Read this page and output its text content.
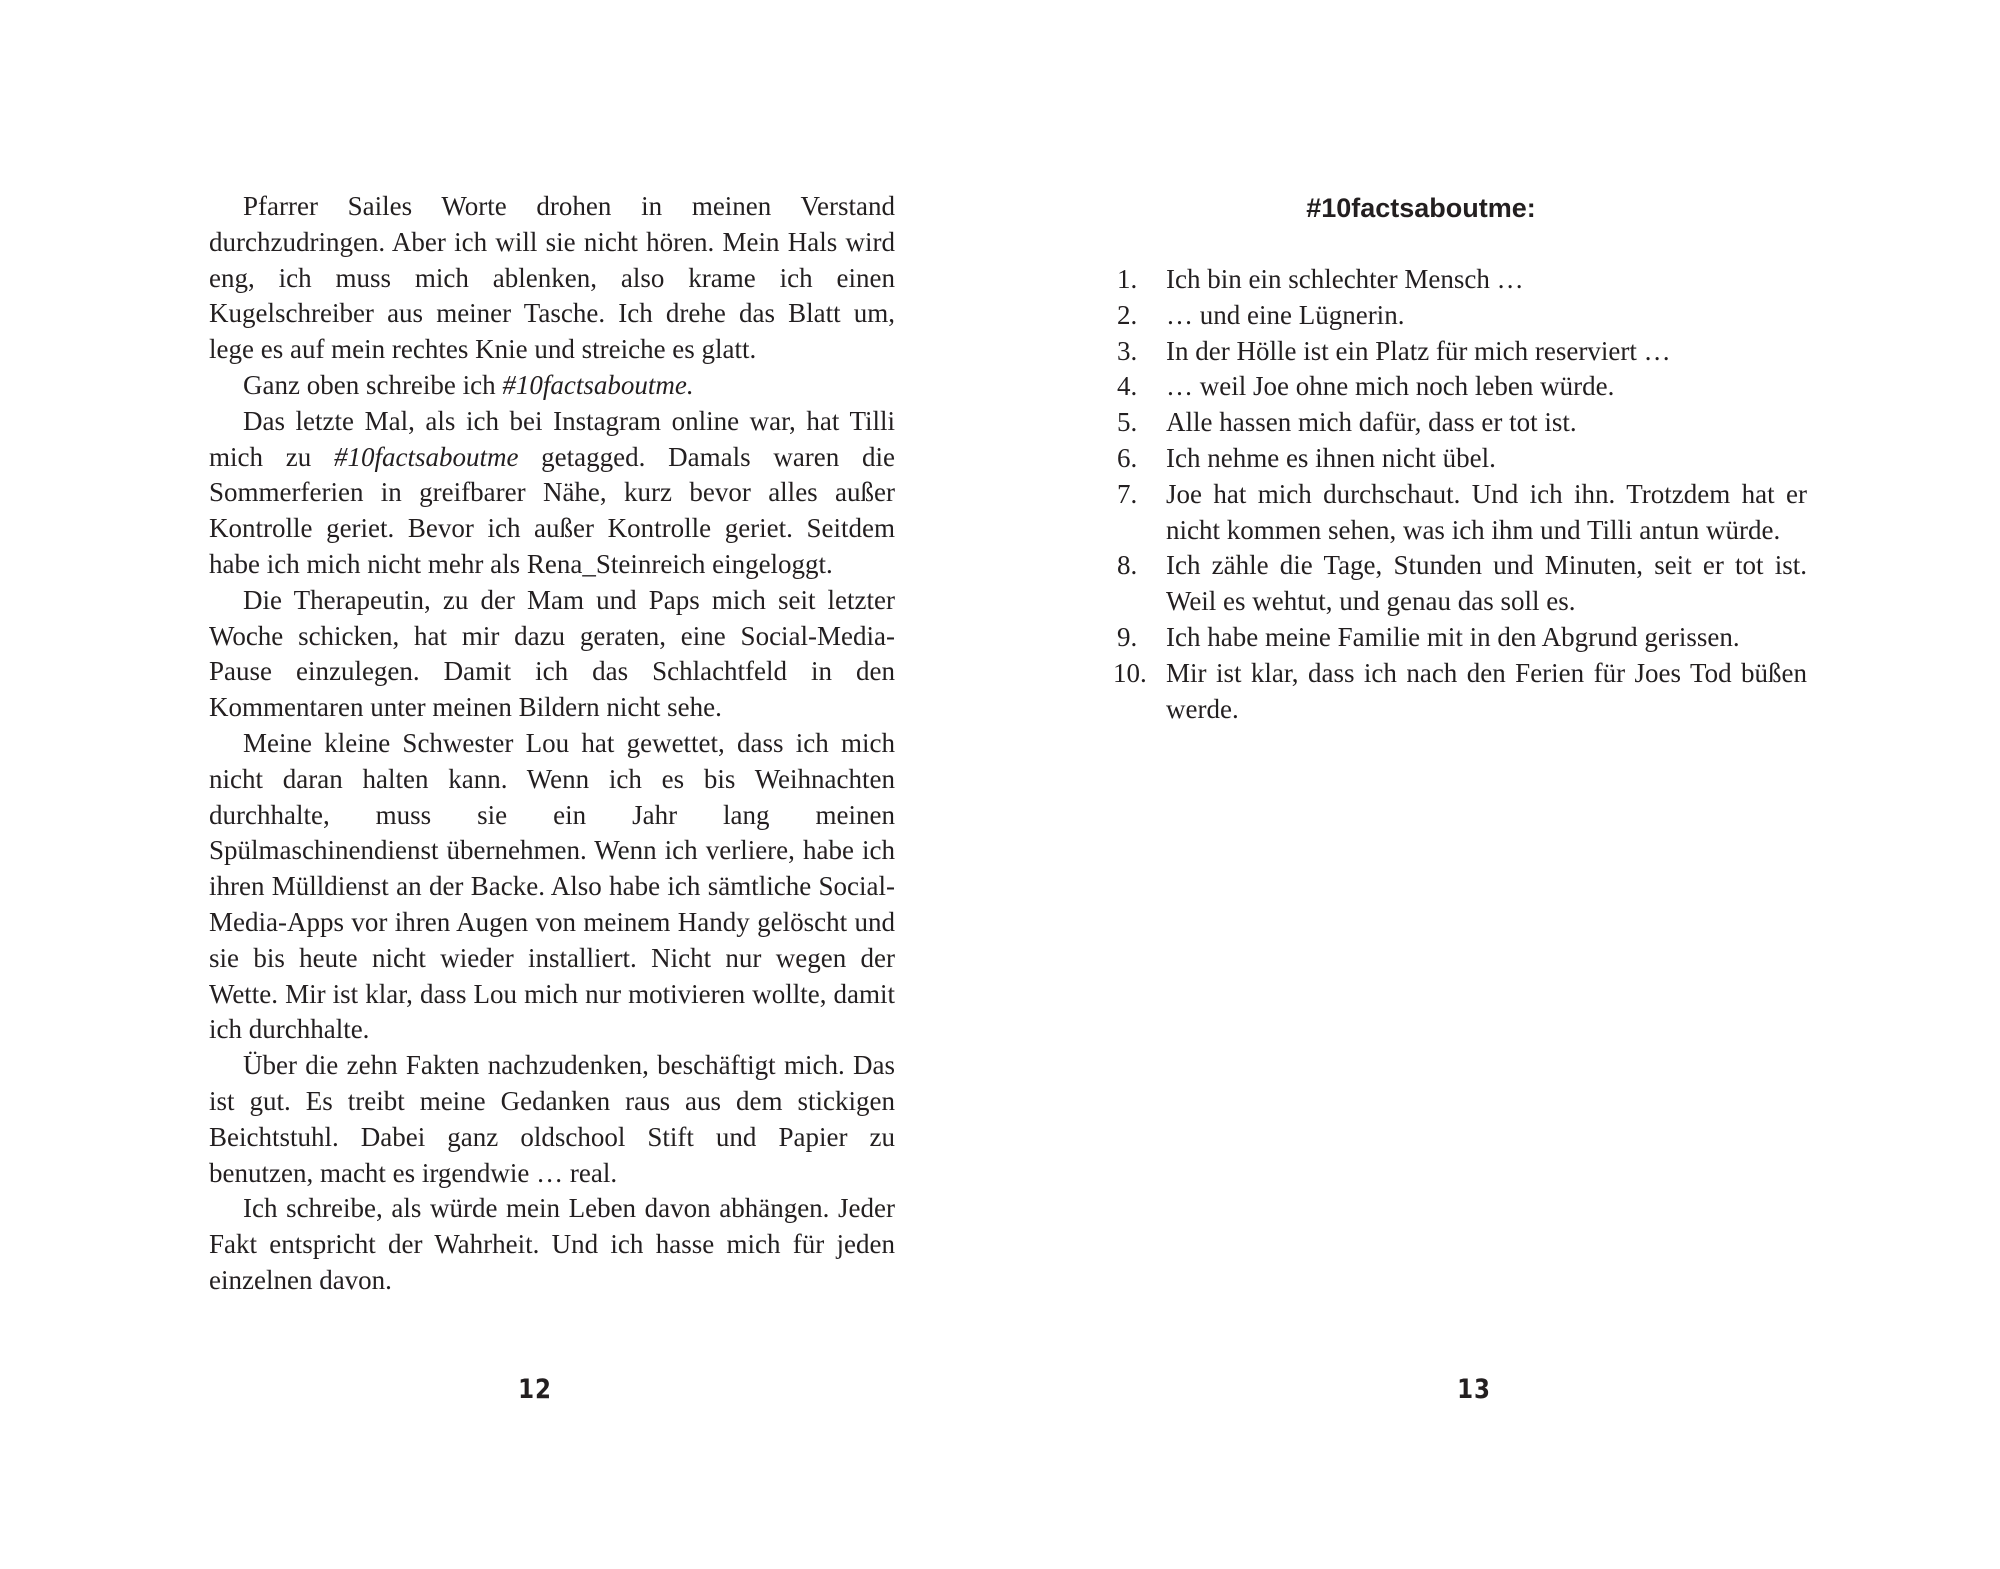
Pfarrer Sailes Worte drohen in meinen Verstand durchzudringen. Aber ich will sie nicht hören. Mein Hals wird eng, ich muss mich ablenken, also krame ich einen Kugelschreiber aus meiner Tasche. Ich drehe das Blatt um, lege es auf mein rechtes Knie und streiche es glatt.

Ganz oben schreibe ich #10factsaboutme.

Das letzte Mal, als ich bei Instagram online war, hat Tilli mich zu #10factsaboutme getagged. Damals waren die Sommerferien in greifbarer Nähe, kurz bevor alles außer Kontrolle geriet. Bevor ich außer Kontrolle geriet. Seitdem habe ich mich nicht mehr als Rena_Steinreich eingeloggt.

Die Therapeutin, zu der Mam und Paps mich seit letzter Woche schicken, hat mir dazu geraten, eine Social-Media-Pause einzulegen. Damit ich das Schlachtfeld in den Kommentaren unter meinen Bildern nicht sehe.

Meine kleine Schwester Lou hat gewettet, dass ich mich nicht daran halten kann. Wenn ich es bis Weihnachten durchhalte, muss sie ein Jahr lang meinen Spülmaschinendienst übernehmen. Wenn ich verliere, habe ich ihren Mülldienst an der Backe. Also habe ich sämtliche Social-Media-Apps vor ihren Augen von meinem Handy gelöscht und sie bis heute nicht wieder installiert. Nicht nur wegen der Wette. Mir ist klar, dass Lou mich nur motivieren wollte, damit ich durchhalte.

Über die zehn Fakten nachzudenken, beschäftigt mich. Das ist gut. Es treibt meine Gedanken raus aus dem stickigen Beichtstuhl. Dabei ganz oldschool Stift und Papier zu benutzen, macht es irgendwie … real.

Ich schreibe, als würde mein Leben davon abhängen. Jeder Fakt entspricht der Wahrheit. Und ich hasse mich für jeden einzelnen davon.

12
#10factsaboutme:
1.	Ich bin ein schlechter Mensch …
2.	… und eine Lügnerin.
3.	In der Hölle ist ein Platz für mich reserviert …
4.	… weil Joe ohne mich noch leben würde.
5.	Alle hassen mich dafür, dass er tot ist.
6.	Ich nehme es ihnen nicht übel.
7.	Joe hat mich durchschaut. Und ich ihn. Trotzdem hat er nicht kommen sehen, was ich ihm und Tilli antun würde.
8.	Ich zähle die Tage, Stunden und Minuten, seit er tot ist. Weil es wehtut, und genau das soll es.
9.	Ich habe meine Familie mit in den Abgrund gerissen.
10. Mir ist klar, dass ich nach den Ferien für Joes Tod büßen werde.
13
